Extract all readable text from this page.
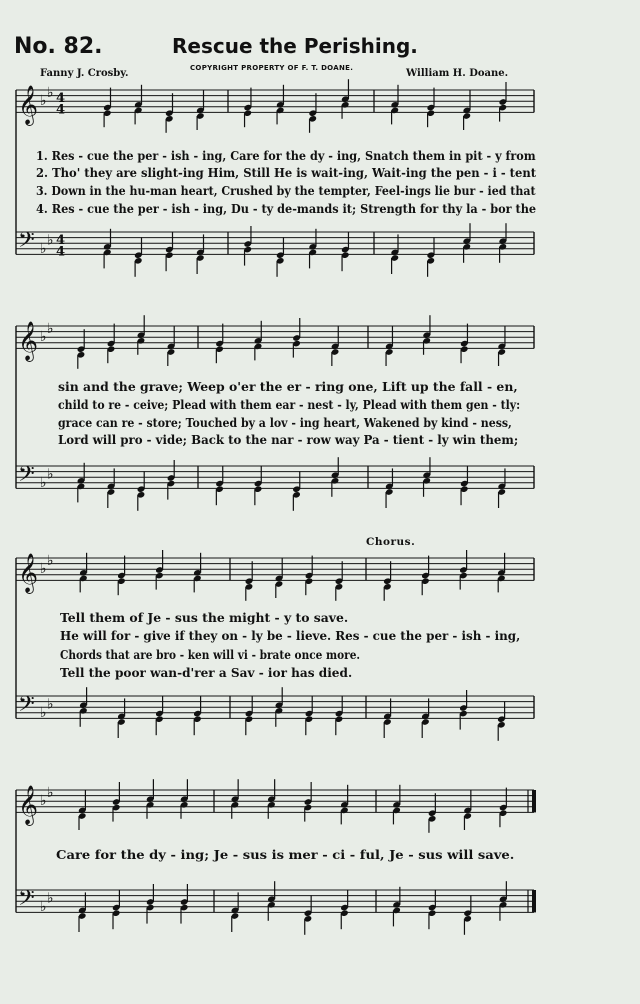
No. 82.	Rescue the Perishing.
Fanny J. Crosby.	COPYRIGHT PROPERTY OF F. T. DOANE.	William H. Doane.
𝄞 ♭
♭ 4
4
𝄢 ♭
♭ 4
4
𝄞 ♭
♭
𝄢 ♭
♭
𝄞 ♭
♭
𝄢 ♭
♭
𝄞 ♭
♭
𝄢 ♭
♭
1. Res - cue the per - ish - ing, Care for the dy - ing, Snatch them in pit - y from
2. Tho' they are slight-ing Him, Still He is wait-ing, Wait-ing the pen - i - tent
3. Down in the hu-man heart, Crushed by the tempter, Feel-ings lie bur - ied that
4. Res - cue the per - ish - ing, Du - ty de-mands it; Strength for thy la - bor the
sin and the grave; Weep o'er the er - ring one, Lift up the fall - en,
child to re - ceive; Plead with them ear - nest - ly, Plead with them gen - tly:
grace can re - store; Touched by a lov - ing heart, Wakened by kind - ness,
Lord will pro - vide; Back to the nar - row way Pa - tient - ly win them;
Chorus.
Tell them of Je - sus the might - y to save.
He will for - give if they on - ly be - lieve. Res - cue the per - ish - ing,
Chords that are bro - ken will vi - brate once more.
Tell the poor wan-d'rer a Sav - ior has died.
Care for the dy - ing; Je - sus is mer - ci - ful, Je - sus will save.
